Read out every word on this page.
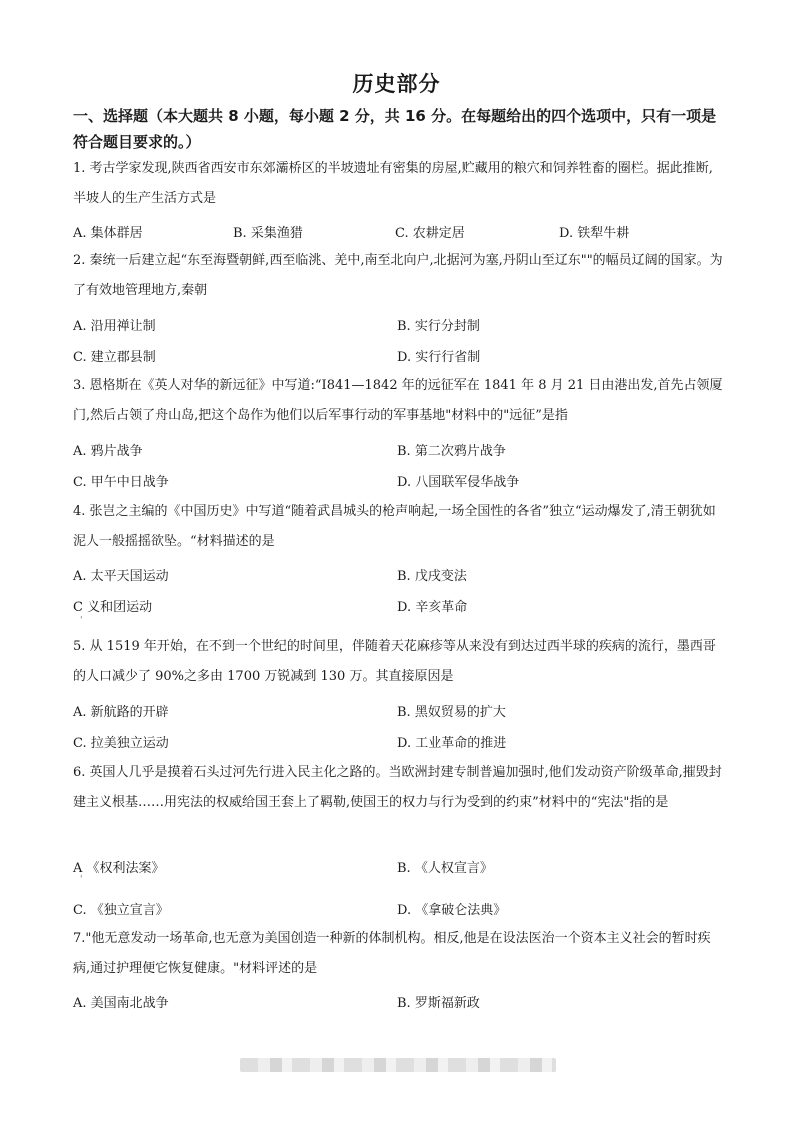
历史部分
一、选择题（本大题共 8 小题，每小题 2 分，共 16 分。在每题给出的四个选项中，只有一项是符合题目要求的。）
1. 考古学家发现,陕西省西安市东郊灞桥区的半坡遗址有密集的房屋,贮藏用的粮穴和饲养牲畜的圈栏。据此推断,半坡人的生产生活方式是
A. 集体群居	B. 采集渔猎	C. 农耕定居	D. 铁犁牛耕
2. 秦统一后建立起“东至海暨朝鲜,西至临洮、羌中,南至北向户,北据河为塞,丹阴山至辽东""的幅员辽阔的国家。为了有效地管理地方,秦朝
A. 沿用禅让制	B. 实行分封制
C. 建立郡县制	D. 实行行省制
3. 恩格斯在《英人对华的新远征》中写道:“I841—1842 年的远征军在 1841 年 8 月 21 日由港出发,首先占领厦门,然后占领了舟山岛,把这个岛作为他们以后军事行动的军事基地"材料中的"远征”是指
A. 鸦片战争	B. 第二次鸦片战争
C. 甲午中日战争	D. 八国联军侵华战争
4. 张岂之主编的《中国历史》中写道“随着武昌城头的枪声响起,一场全国性的各省”独立“运动爆发了,清王朝犹如泥人一般摇摇欲坠。“材料描述的是
A. 太平天国运动	B. 戊戌变法
C 义和团运动	D. 辛亥革命
'
5. 从 1519 年开始，在不到一个世纪的时间里，伴随着天花麻疹等从来没有到达过西半球的疾病的流行，墨西哥的人口减少了 90%之多由 1700 万锐减到 130 万。其直接原因是
A. 新航路的开辟	B. 黑奴贸易的扩大
C. 拉美独立运动	D. 工业革命的推进
6. 英国人几乎是摸着石头过河先行进入民主化之路的。当欧洲封建专制普遍加强时,他们发动资产阶级革命,摧毁封建主义根基……用宪法的权威给国王套上了羁勒,使国王的权力与行为受到的约束”材料中的“宪法"指的是
A 《权利法案》	B. 《人权宣言》
'
C. 《独立宣言》	D. 《拿破仑法典》
7."他无意发动一场革命,也无意为美国创造一种新的体制机构。相反,他是在设法医治一个资本主义社会的暂时疾病,通过护理便它恢复健康。"材料评述的是
A. 美国南北战争	B. 罗斯福新政
